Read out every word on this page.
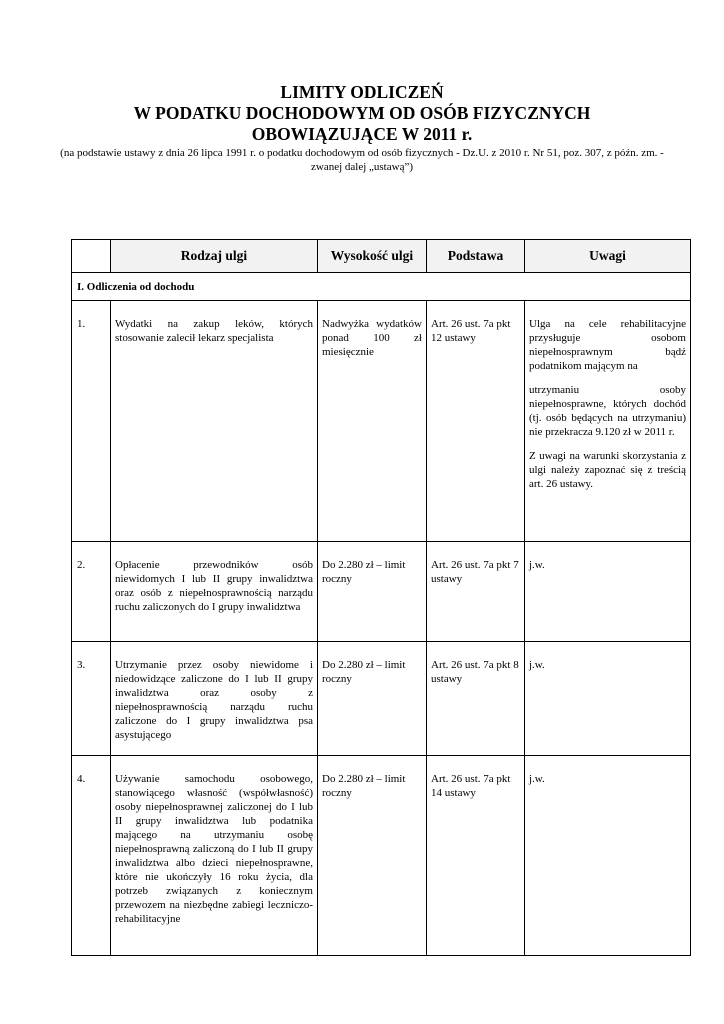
LIMITY ODLICZEŃ
W PODATKU DOCHODOWYM OD OSÓB FIZYCZNYCH
OBOWIĄZUJĄCE W 2011 r.
(na podstawie ustawy z dnia 26 lipca 1991 r. o podatku dochodowym od osób fizycznych - Dz.U. z 2010 r. Nr 51, poz. 307, z późn. zm. - zwanej dalej „ustawą”)
	Rodzaj ulgi	Wysokość ulgi	Podstawa	Uwagi
I. Odliczenia od dochodu				
1.	Wydatki na zakup leków, których stosowanie zalecił lekarz specjalista	Nadwyżka wydatków ponad 100 zł miesięcznie	Art. 26 ust. 7a pkt 12 ustawy	Ulga na cele rehabilitacyjne przysługuje osobom niepełnosprawnym bądź podatnikom mającym na
utrzymaniu osoby niepełnosprawne, których dochód (tj. osób będących na utrzymaniu) nie przekracza 9.120 zł w 2011 r.
Z uwagi na warunki skorzystania z ulgi należy zapoznać się z treścią art. 26 ustawy.

2.	Opłacenie przewodników osób niewidomych I lub II grupy inwalidztwa oraz osób z niepełnosprawnością narządu ruchu zaliczonych do I grupy inwalidztwa	Do 2.280 zł – limit roczny	Art. 26 ust. 7a pkt 7 ustawy	j.w.
3.	Utrzymanie przez osoby niewidome i niedowidzące zaliczone do I lub II grupy inwalidztwa oraz osoby z niepełnosprawnością narządu ruchu zaliczone do I grupy inwalidztwa psa asystującego	Do 2.280 zł – limit roczny	Art. 26 ust. 7a pkt 8 ustawy	j.w.
4.	Używanie samochodu osobowego, stanowiącego własność (współwłasność) osoby niepełnosprawnej zaliczonej do I lub II grupy inwalidztwa lub podatnika mającego na utrzymaniu osobę niepełnosprawną zaliczoną do I lub II grupy inwalidztwa albo dzieci niepełnosprawne, które nie ukończyły 16 roku życia, dla potrzeb związanych z koniecznym przewozem na niezbędne zabiegi leczniczo-rehabilitacyjne	Do 2.280 zł – limit roczny	Art. 26 ust. 7a pkt 14 ustawy	j.w.
